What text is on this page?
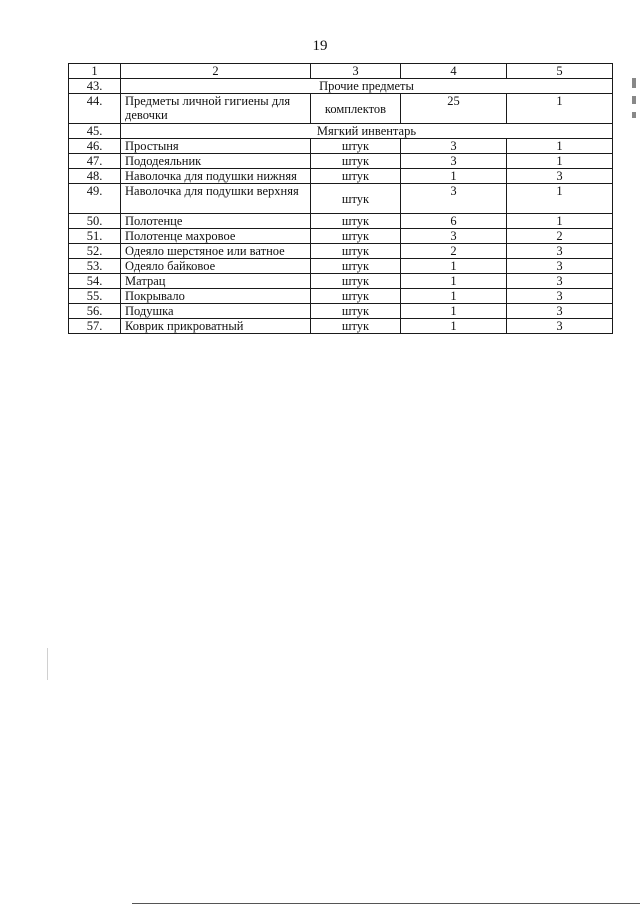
19
1	2	3	4	5
43.	Прочие предметы			
44.	Предметы личной гигиены для девочки	комплектов	25	1
45.	Мягкий инвентарь			
46.	Простыня	штук	3	1
47.	Пододеяльник	штук	3	1
48.	Наволочка для подушки нижняя	штук	1	3
49.	Наволочка для подушки верхняя	штук	3	1
50.	Полотенце	штук	6	1
51.	Полотенце махровое	штук	3	2
52.	Одеяло шерстяное или ватное	штук	2	3
53.	Одеяло байковое	штук	1	3
54.	Матрац	штук	1	3
55.	Покрывало	штук	1	3
56.	Подушка	штук	1	3
57.	Коврик прикроватный	штук	1	3
